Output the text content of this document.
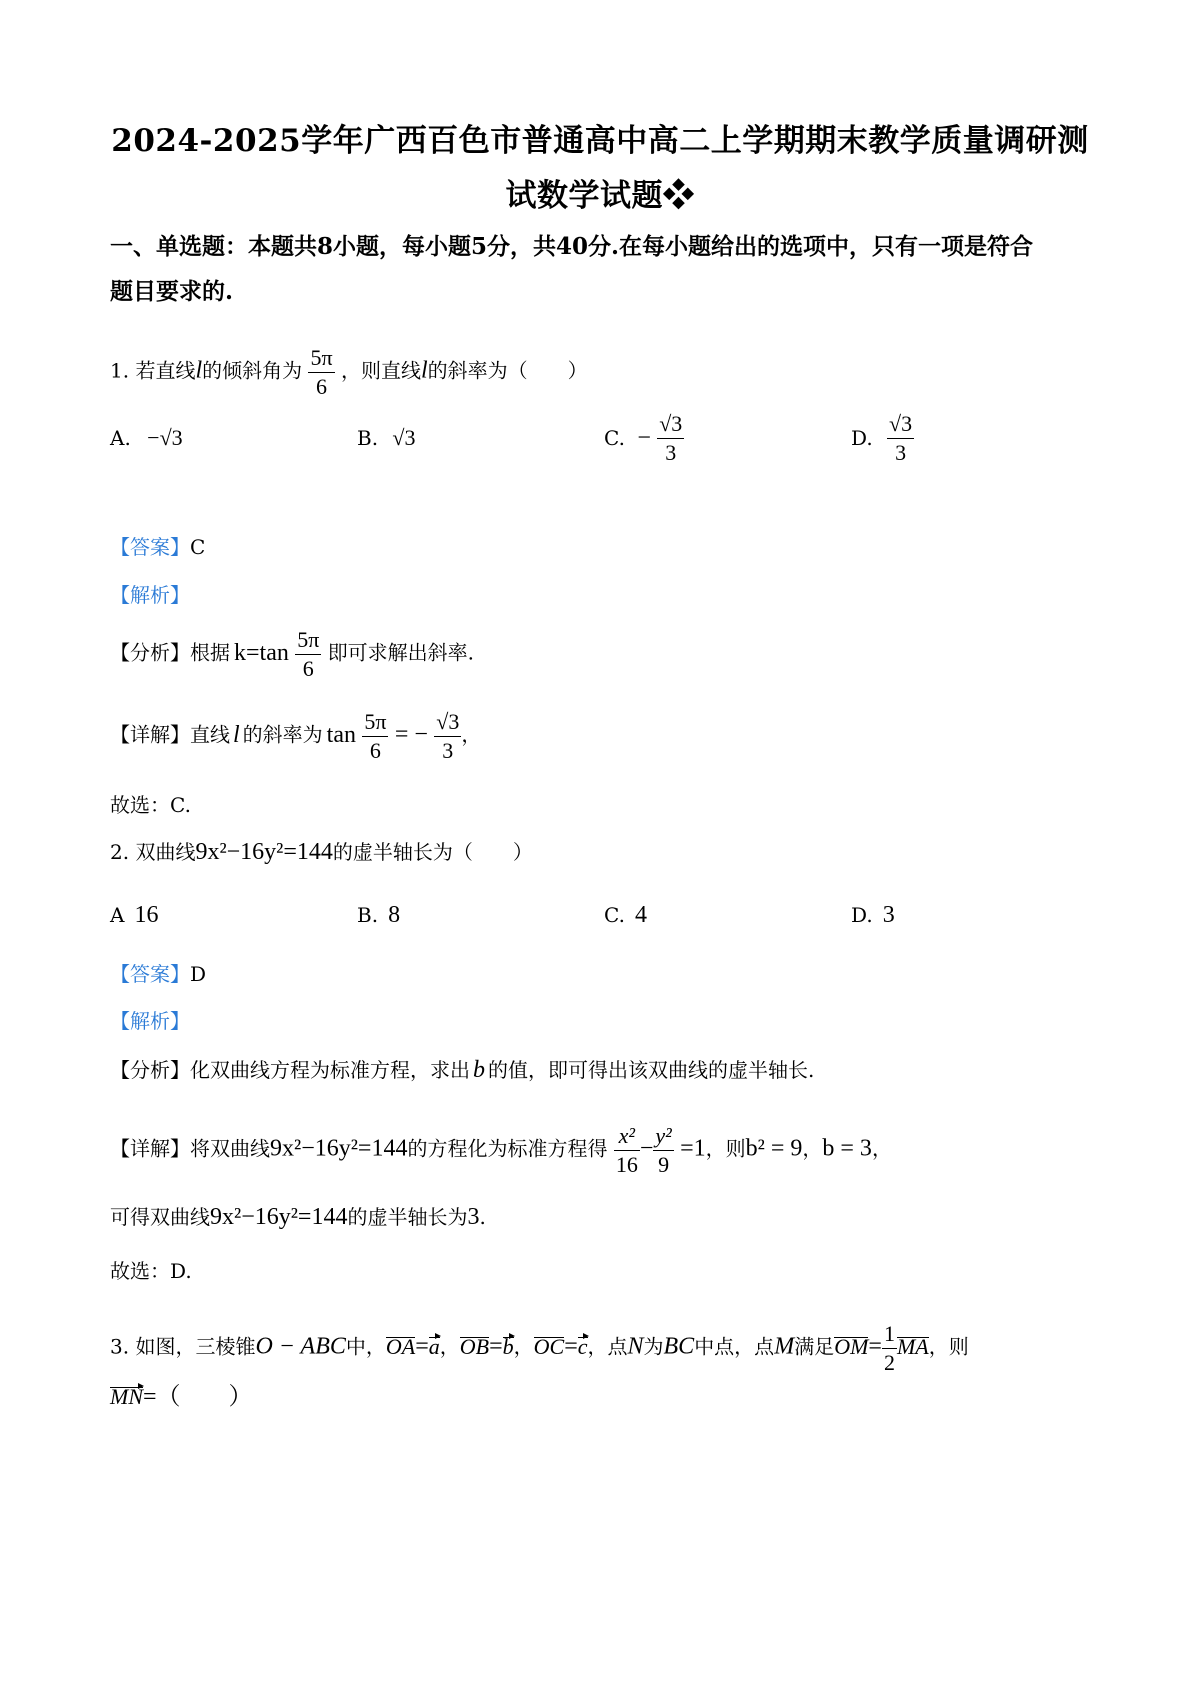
2024-2025学年广西百色市普通高中高二上学期期末教学质量调研测
试数学试题❖
一、单选题：本题共8小题，每小题5分，共40分.在每小题给出的选项中，只有一项是符合
题目要求的.
1. 若直线l的倾斜角为 $\frac{5\pi}{6}$ ，则直线l的斜率为（　　）
A. −√3	B. √3	C. − $\frac{√3}{3}$	D. $\frac{√3}{3}$
【答案】C
【解析】
【分析】根据 $k=\tan \frac{5\pi}{6}$ 即可求解出斜率.
【详解】直线 l 的斜率为 $\tan \frac{5\pi}{6}$ = − $\frac{√3}{3}$ ，
故选：C.
2. 双曲线9x²−16y²=144的虚半轴长为（　　）
A 16	B. 8	C. 4	D. 3
【答案】D
【解析】
【分析】化双曲线方程为标准方程，求出 b 的值，即可得出该双曲线的虚半轴长.
【详解】将双曲线9x²−16y²=144的方程化为标准方程得 $\frac{\text{x²}}{16} - \frac{\text{y²}}{9} =1$，则b² = 9，b = 3，
可得双曲线9x²−16y²=144的虚半轴长为3.
故选：D.
3. 如图，三棱锥O − ABC中，OA=a，OB=b，OC=c，点N为BC中点，点M满足$OM= \frac{1}{2}$ MA，则
MN=（　　）
